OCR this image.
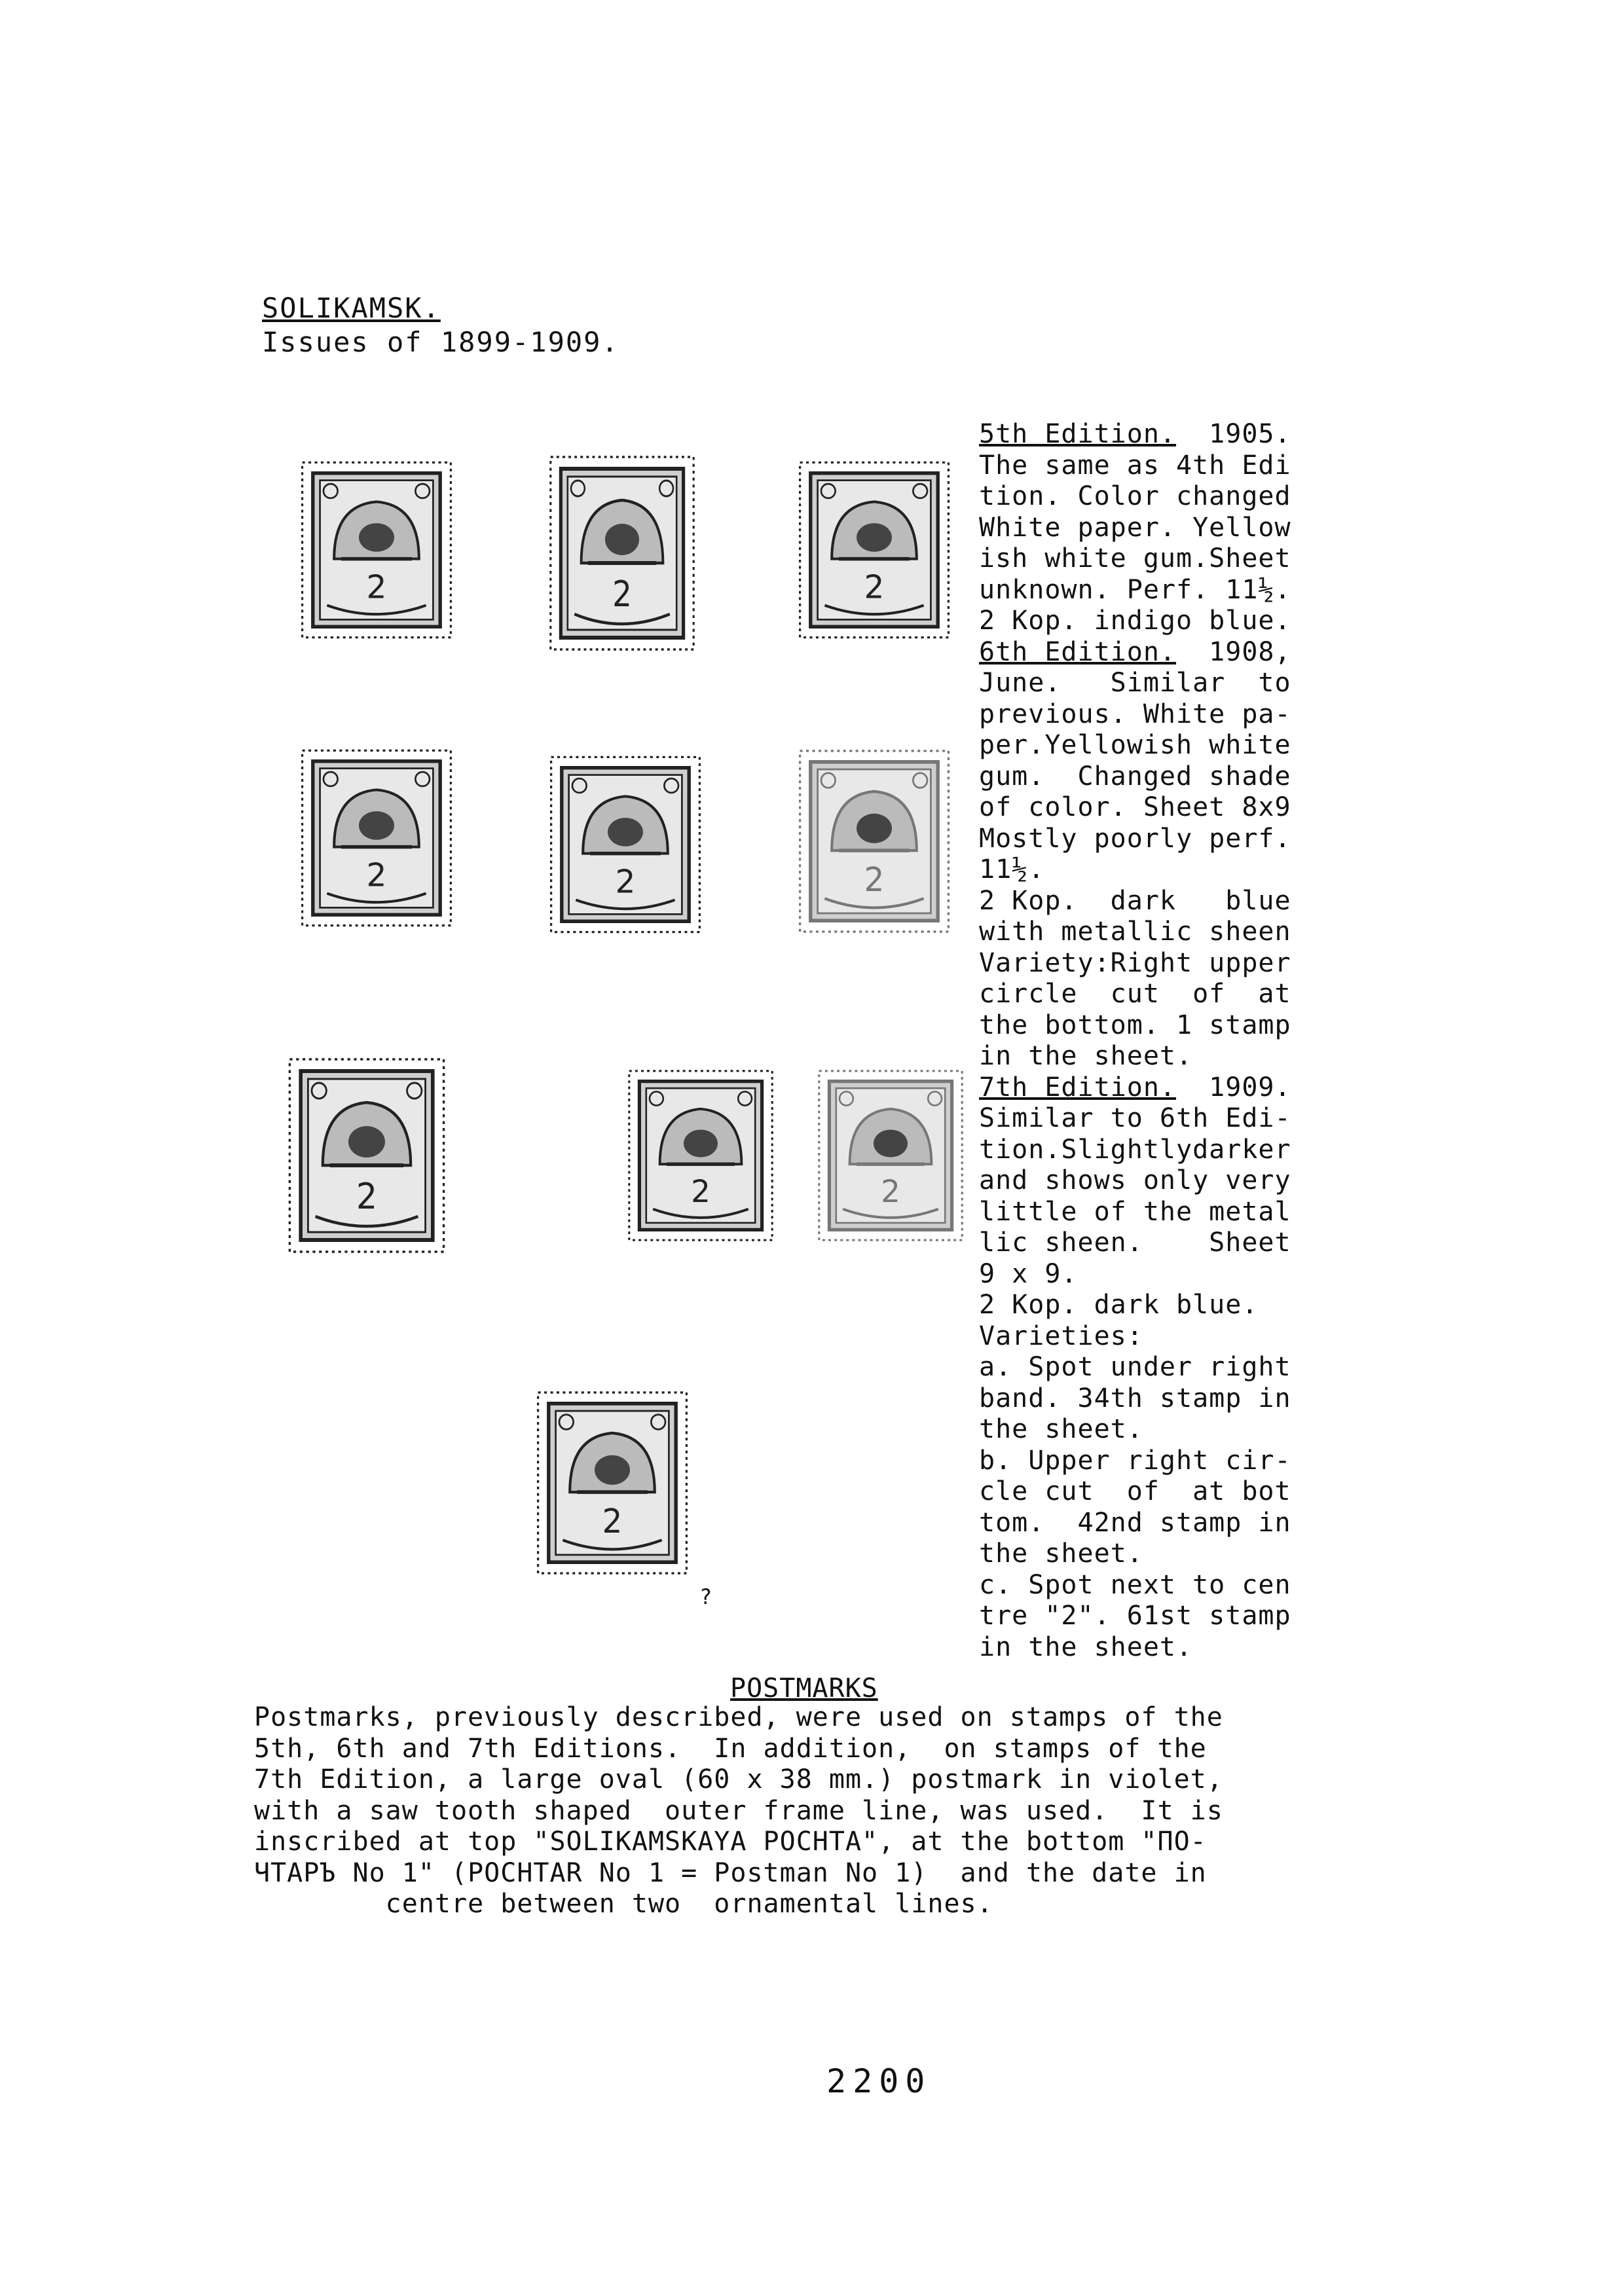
SOLIKAMSK.
Issues of 1899-1909.
2	2	2
2	2	2
2	2	2
2
?
5th Edition.  1905.
The same as 4th Edi
tion. Color changed
White paper. Yellow
ish white gum.Sheet
unknown. Perf. 11½.
2 Kop. indigo blue.
6th Edition.  1908,
June.   Similar  to
previous. White pa-
per.Yellowish white
gum.  Changed shade
of color. Sheet 8x9
Mostly poorly perf.
11½.
2 Kop.  dark   blue
with metallic sheen
Variety:Right upper
circle  cut  of  at
the bottom. 1 stamp
in the sheet.
7th Edition.  1909.
Similar to 6th Edi-
tion.Slightlydarker
and shows only very
little of the metal
lic sheen.    Sheet
9 x 9.
2 Kop. dark blue.
Varieties:
a. Spot under right
band. 34th stamp in
the sheet.
b. Upper right cir-
cle cut  of  at bot
tom.  42nd stamp in
the sheet.
c. Spot next to cen
tre "2". 61st stamp
in the sheet.
POSTMARKS
Postmarks, previously described, were used on stamps of the
5th, 6th and 7th Editions.  In addition,  on stamps of the
7th Edition, a large oval (60 x 38 mm.) postmark in violet,
with a saw tooth shaped  outer frame line, was used.  It is
inscribed at top "SOLIKAMSKAYA POCHTA", at the bottom "ПО-
ЧТАРЪ No 1" (POCHTAR No 1 = Postman No 1)  and the date in
centre between two  ornamental lines.
2200
